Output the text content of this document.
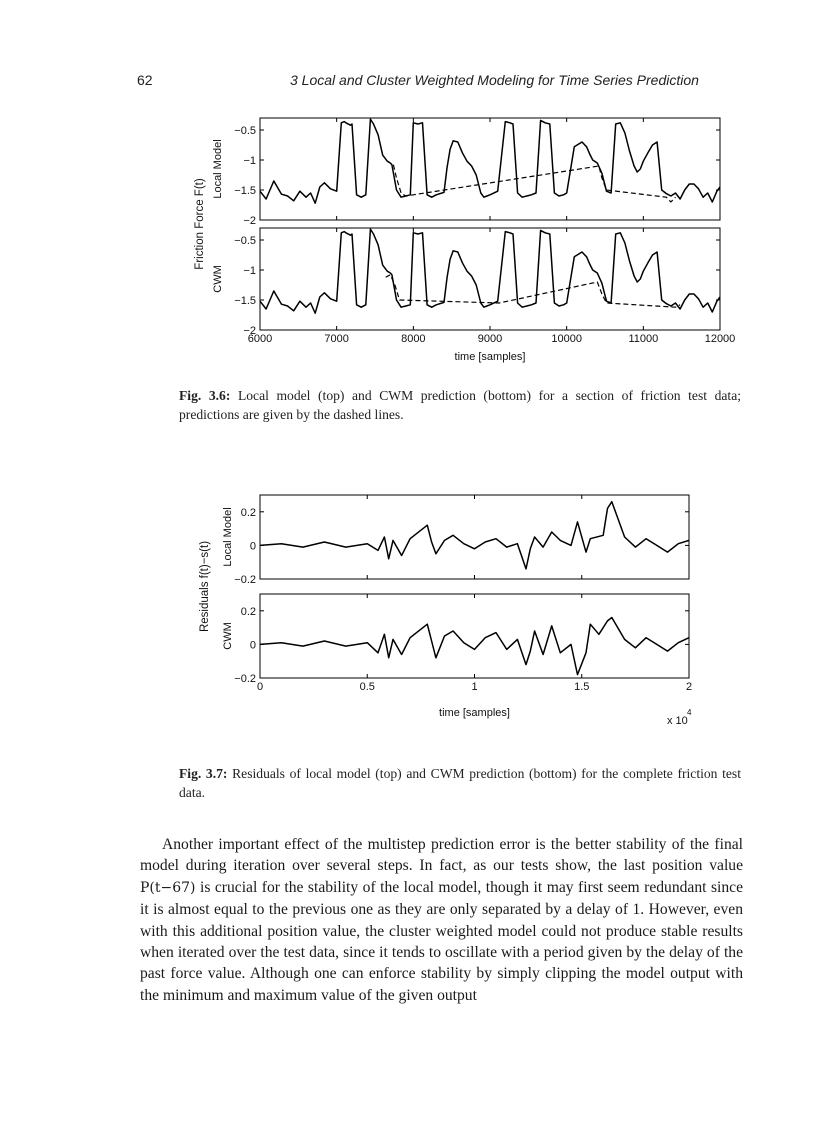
62	3 Local and Cluster Weighted Modeling for Time Series Prediction
−0.5
−1
−1.5
−2
Local Model
6000	7000	8000	9000	10000	11000	12000
−0.5
−1
−1.5
−2
CWM
Friction Force F(t)
time [samples]
Fig. 3.6: Local model (top) and CWM prediction (bottom) for a section of friction test data; predictions are given by the dashed lines.
0.2
0
−0.2
Local Model
0	0.5	1	1.5	2
0.2
0
−0.2
CWM
Residuals f(t)−s(t)
time [samples]
x 10
4
Fig. 3.7: Residuals of local model (top) and CWM prediction (bottom) for the complete friction test data.

Another important effect of the multistep prediction error is the better stability of the final model during iteration over several steps. In fact, as our tests show, the last position value P(t−67) is crucial for the stability of the local model, though it may first seem redundant since it is almost equal to the previous one as they are only separated by a delay of 1. However, even with this additional position value, the cluster weighted model could not produce stable results when iterated over the test data, since it tends to oscillate with a period given by the delay of the past force value. Although one can enforce stability by simply clipping the model output with the minimum and maximum value of the given output
